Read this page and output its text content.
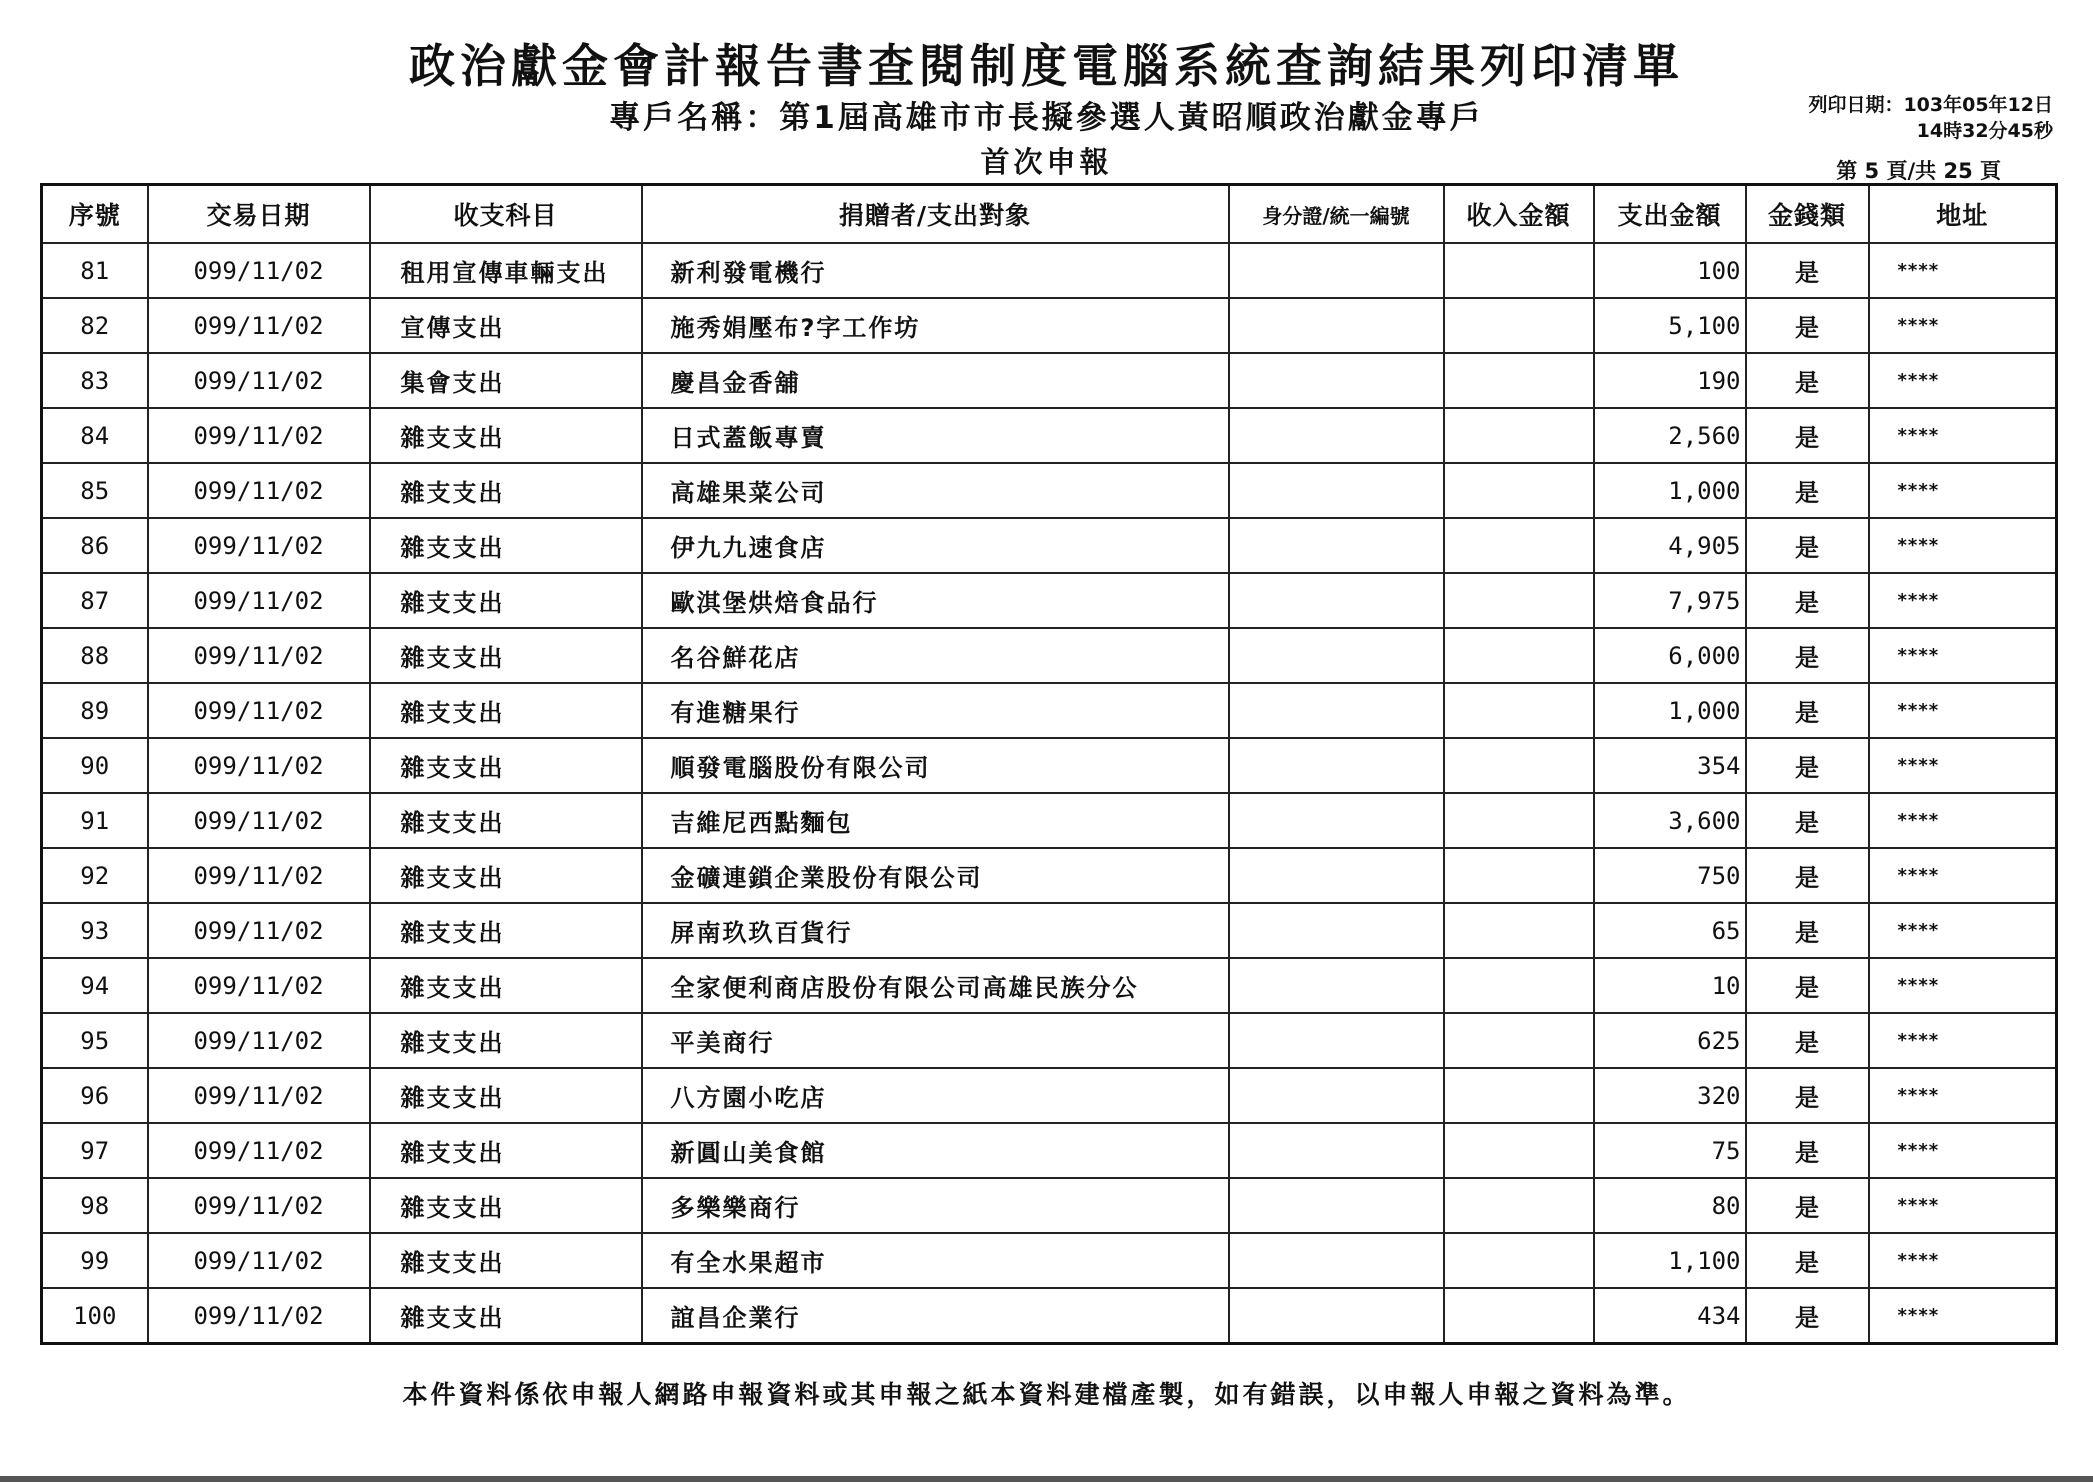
政治獻金會計報告書查閱制度電腦系統查詢結果列印清單
專戶名稱：第1屆高雄市市長擬參選人黃昭順政治獻金專戶
首次申報
列印日期：103年05年12日
14時32分45秒
第 5 頁/共 25 頁
序號	交易日期	收支科目	捐贈者/支出對象	身分證/統一編號	收入金額	支出金額	金錢類	地址
81	099/11/02	租用宣傳車輛支出	新利發電機行			100	是	****
82	099/11/02	宣傳支出	施秀娟壓布?字工作坊			5,100	是	****
83	099/11/02	集會支出	慶昌金香舖			190	是	****
84	099/11/02	雜支支出	日式蓋飯專賣			2,560	是	****
85	099/11/02	雜支支出	高雄果菜公司			1,000	是	****
86	099/11/02	雜支支出	伊九九速食店			4,905	是	****
87	099/11/02	雜支支出	歐淇堡烘焙食品行			7,975	是	****
88	099/11/02	雜支支出	名谷鮮花店			6,000	是	****
89	099/11/02	雜支支出	有進糖果行			1,000	是	****
90	099/11/02	雜支支出	順發電腦股份有限公司			354	是	****
91	099/11/02	雜支支出	吉維尼西點麵包			3,600	是	****
92	099/11/02	雜支支出	金礦連鎖企業股份有限公司			750	是	****
93	099/11/02	雜支支出	屏南玖玖百貨行			65	是	****
94	099/11/02	雜支支出	全家便利商店股份有限公司高雄民族分公			10	是	****
95	099/11/02	雜支支出	平美商行			625	是	****
96	099/11/02	雜支支出	八方園小吃店			320	是	****
97	099/11/02	雜支支出	新圓山美食館			75	是	****
98	099/11/02	雜支支出	多樂樂商行			80	是	****
99	099/11/02	雜支支出	有全水果超市			1,100	是	****
100	099/11/02	雜支支出	誼昌企業行			434	是	****
本件資料係依申報人網路申報資料或其申報之紙本資料建檔產製，如有錯誤，以申報人申報之資料為準。
